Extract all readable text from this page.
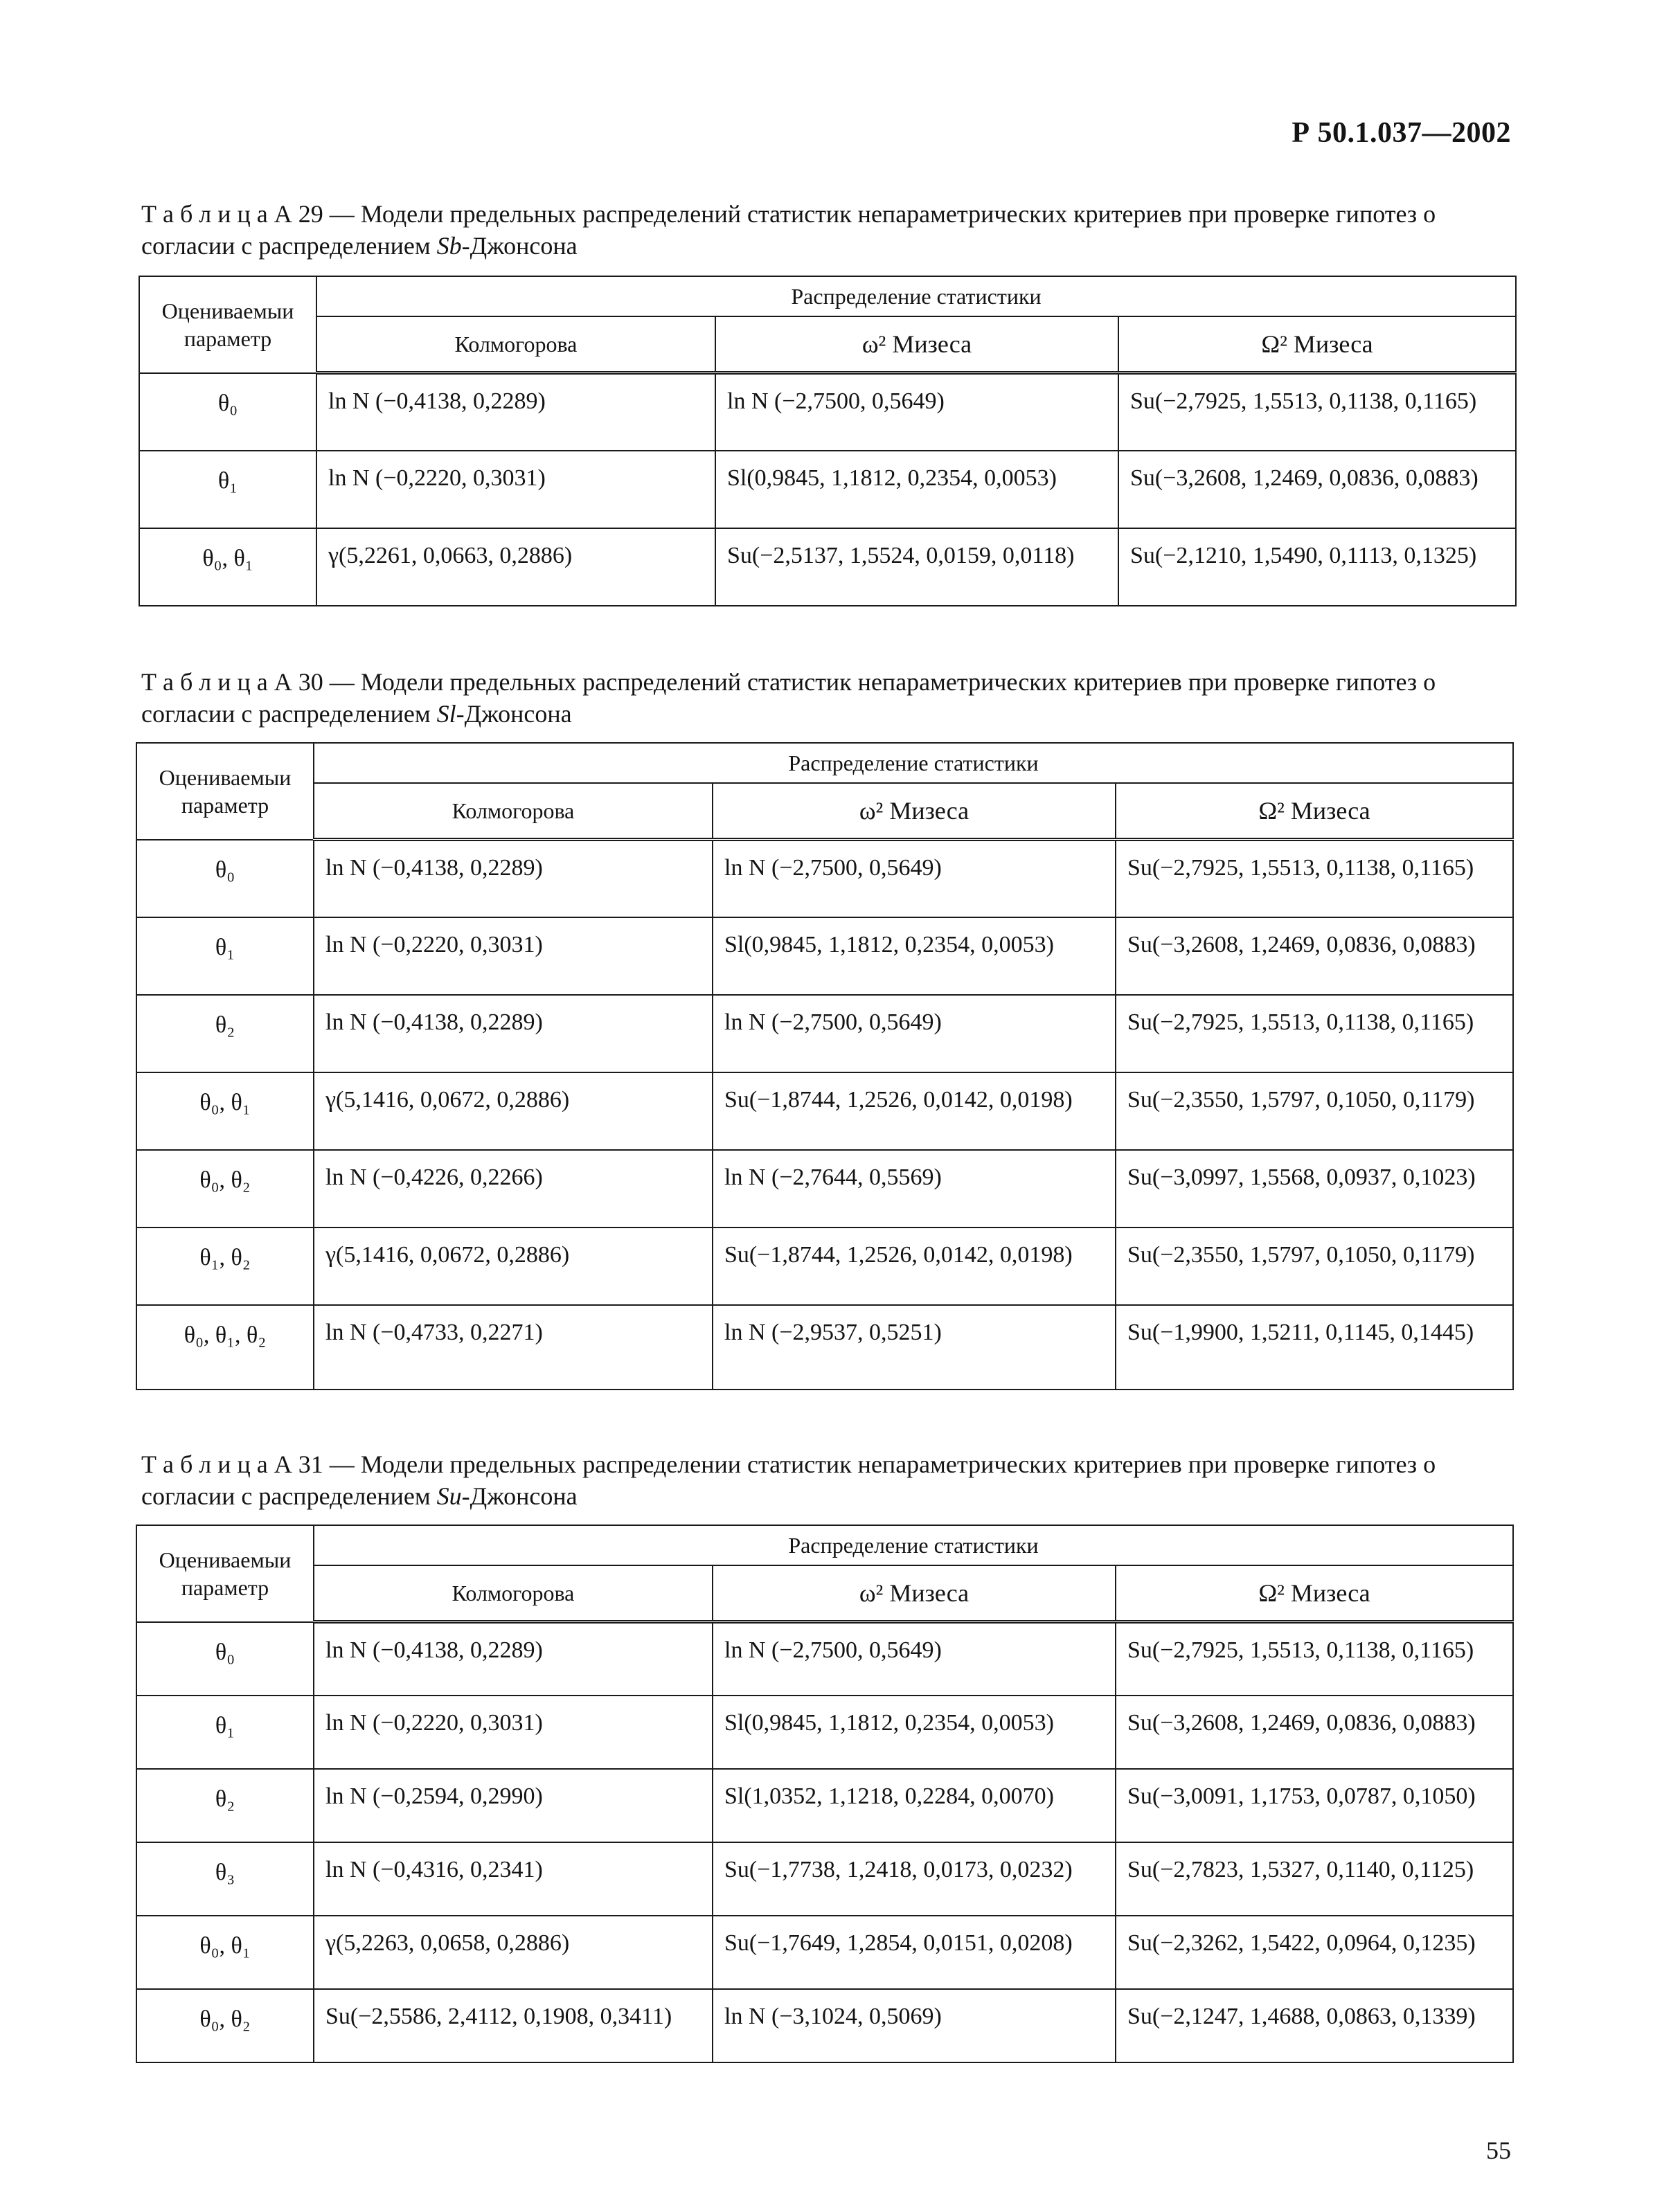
Р 50.1.037—2002
Т а б л и ц а А 29 — Модели предельных распределений статистик непараметрических критериев при проверке гипотез о согласии с распределением Sb-Джонсона
Оцениваемыи параметр	Распределение статистики		
	Колмогорова	ω² Мизеса	Ω² Мизеса
θ₀	ln N (−0,4138, 0,2289)	ln N (−2,7500, 0,5649)	Su(−2,7925, 1,5513, 0,1138, 0,1165)
θ₁	ln N (−0,2220, 0,3031)	Sl(0,9845, 1,1812, 0,2354, 0,0053)	Su(−3,2608, 1,2469, 0,0836, 0,0883)
θ₀, θ₁	γ(5,2261, 0,0663, 0,2886)	Su(−2,5137, 1,5524, 0,0159, 0,0118)	Su(−2,1210, 1,5490, 0,1113, 0,1325)
Т а б л и ц а А 30 — Модели предельных распределений статистик непараметрических критериев при проверке гипотез о согласии с распределением Sl-Джонсона
Оцениваемыи параметр	Распределение статистики		
	Колмогорова	ω² Мизеса	Ω² Мизеса
θ₀	ln N (−0,4138, 0,2289)	ln N (−2,7500, 0,5649)	Su(−2,7925, 1,5513, 0,1138, 0,1165)
θ₁	ln N (−0,2220, 0,3031)	Sl(0,9845, 1,1812, 0,2354, 0,0053)	Su(−3,2608, 1,2469, 0,0836, 0,0883)
θ₂	ln N (−0,4138, 0,2289)	ln N (−2,7500, 0,5649)	Su(−2,7925, 1,5513, 0,1138, 0,1165)
θ₀, θ₁	γ(5,1416, 0,0672, 0,2886)	Su(−1,8744, 1,2526, 0,0142, 0,0198)	Su(−2,3550, 1,5797, 0,1050, 0,1179)
θ₀, θ₂	ln N (−0,4226, 0,2266)	ln N (−2,7644, 0,5569)	Su(−3,0997, 1,5568, 0,0937, 0,1023)
θ₁, θ₂	γ(5,1416, 0,0672, 0,2886)	Su(−1,8744, 1,2526, 0,0142, 0,0198)	Su(−2,3550, 1,5797, 0,1050, 0,1179)
θ₀, θ₁, θ₂	ln N (−0,4733, 0,2271)	ln N (−2,9537, 0,5251)	Su(−1,9900, 1,5211, 0,1145, 0,1445)
Т а б л и ц а А 31 — Модели предельных распределении статистик непараметрических критериев при проверке гипотез о согласии с распределением Su-Джонсона
Оцениваемыи параметр	Распределение статистики		
	Колмогорова	ω² Мизеса	Ω² Мизеса
θ₀	ln N (−0,4138, 0,2289)	ln N (−2,7500, 0,5649)	Su(−2,7925, 1,5513, 0,1138, 0,1165)
θ₁	ln N (−0,2220, 0,3031)	Sl(0,9845, 1,1812, 0,2354, 0,0053)	Su(−3,2608, 1,2469, 0,0836, 0,0883)
θ₂	ln N (−0,2594, 0,2990)	Sl(1,0352, 1,1218, 0,2284, 0,0070)	Su(−3,0091, 1,1753, 0,0787, 0,1050)
θ₃	ln N (−0,4316, 0,2341)	Su(−1,7738, 1,2418, 0,0173, 0,0232)	Su(−2,7823, 1,5327, 0,1140, 0,1125)
θ₀, θ₁	γ(5,2263, 0,0658, 0,2886)	Su(−1,7649, 1,2854, 0,0151, 0,0208)	Su(−2,3262, 1,5422, 0,0964, 0,1235)
θ₀, θ₂	Su(−2,5586, 2,4112, 0,1908, 0,3411)	ln N (−3,1024, 0,5069)	Su(−2,1247, 1,4688, 0,0863, 0,1339)
55
